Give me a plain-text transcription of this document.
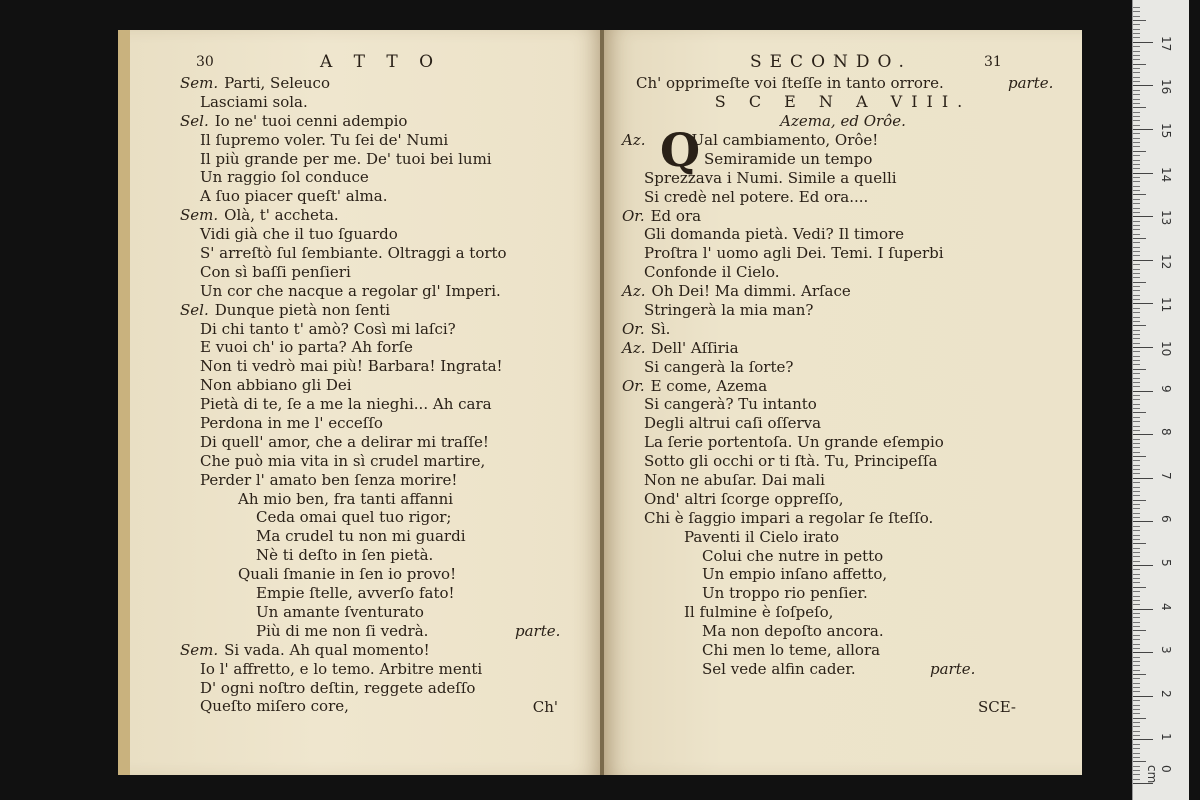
30	A T T O
Sem. Parti, Seleuco
Lasciami sola.
Sel. Io ne' tuoi cenni adempio
Il ſupremo voler. Tu ſei de' Numi
Il più grande per me. De' tuoi bei lumi
Un raggio ſol conduce
A ſuo piacer queſt' alma.
Sem. Olà, t' accheta.
Vidi già che il tuo ſguardo
S' arreſtò ſul ſembiante. Oltraggi a torto
Con sì baſſi penſieri
Un cor che nacque a regolar gl' Imperi.
Sel. Dunque pietà non ſenti
Di chi tanto t' amò? Così mi laſci?
E vuoi ch' io parta? Ah forſe
Non ti vedrò mai più! Barbara! Ingrata!
Non abbiano gli Dei
Pietà di te, ſe a me la nieghi... Ah cara
Perdona in me l' ecceſſo
Di quell' amor, che a delirar mi traſſe!
Che può mia vita in sì crudel martire,
Perder l' amato ben ſenza morire!
Ah mio ben, fra tanti affanni
Ceda omai quel tuo rigor;
Ma crudel tu non mi guardi
Nè ti deſto in ſen pietà.
Quali ſmanie in ſen io provo!
Empie ſtelle, avverſo fato!
Un amante ſventurato
Più di me non ſi vedrà.	parte.
Sem. Si vada. Ah qual momento!
Io l' affretto, e lo temo. Arbitre menti
D' ogni noſtro deſtin, reggete adeſſo
Queſto miſero core,	Ch'
SECONDO.	31
Ch' opprimeſte voi ſteſſe in tanto orrore.	parte.
S C E N A VIII.
Azema, ed Orôe.
Q
Az.	Ual cambiamento, Orôe!
Semiramide un tempo
Sprezzava i Numi. Simile a quelli
Si credè nel potere. Ed ora....
Or. Ed ora
Gli domanda pietà. Vedi? Il timore
Proſtra l' uomo agli Dei. Temi. I ſuperbi
Confonde il Cielo.
Az. Oh Dei! Ma dimmi. Arſace
Stringerà la mia man?
Or. Sì.
Az. Dell' Aſſiria
Si cangerà la ſorte?
Or. E come, Azema
Si cangerà? Tu intanto
Degli altrui caſi oſſerva
La ſerie portentoſa. Un grande eſempio
Sotto gli occhi or ti ſtà. Tu, Principeſſa
Non ne abuſar. Dai mali
Ond' altri ſcorge oppreſſo,
Chi è ſaggio impari a regolar ſe ſteſſo.
Paventi il Cielo irato
Colui che nutre in petto
Un empio inſano affetto,
Un troppo rio penſier.
Il fulmine è ſoſpeſo,
Ma non depoſto ancora.
Chi men lo teme, allora
Sel vede alfin cader.	parte.
SCE-
0 cm
1
2
3
4
5
6
7
8
9
10
11
12
13
14
15
16
17
